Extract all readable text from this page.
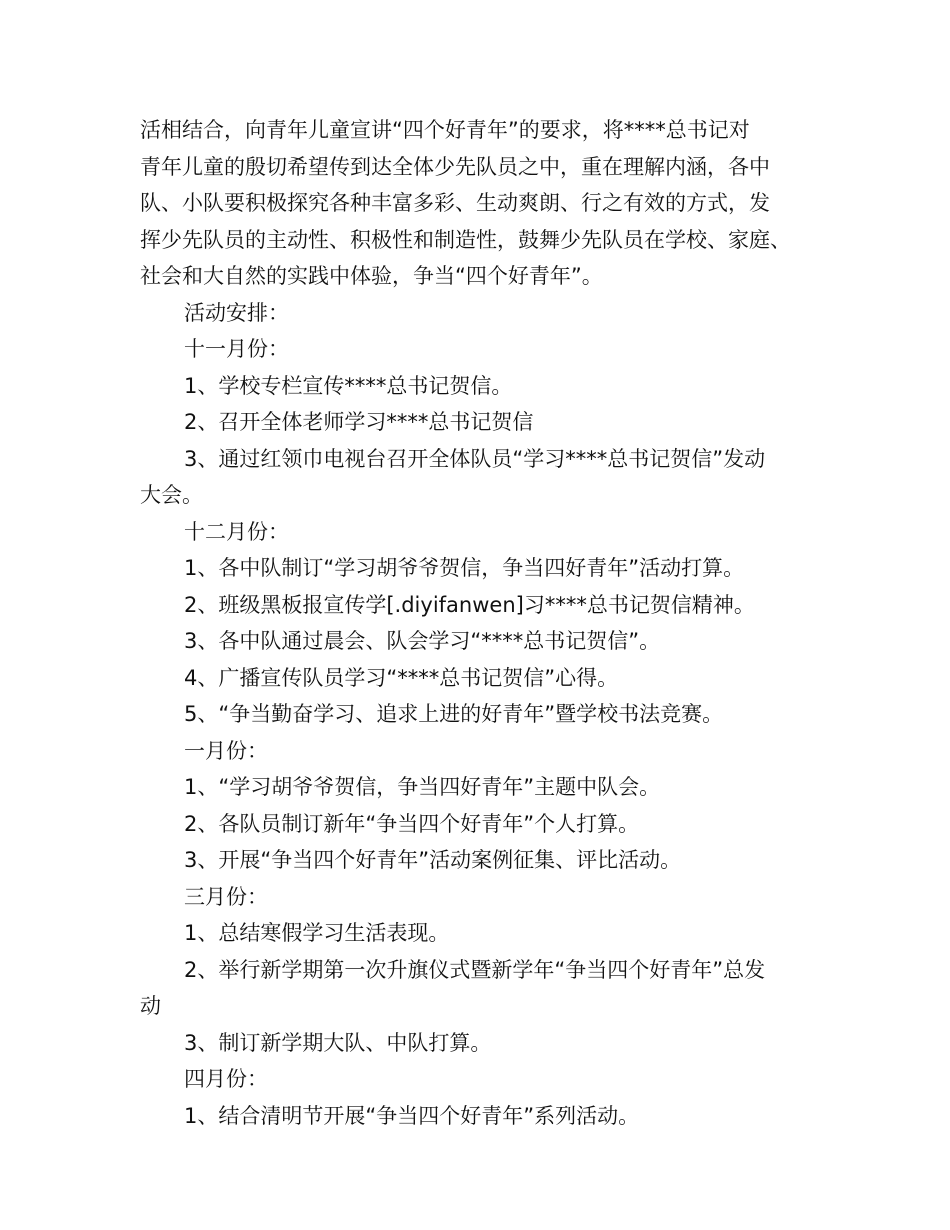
活相结合，向青年儿童宣讲“四个好青年”的要求，将****总书记对
青年儿童的殷切希望传到达全体少先队员之中，重在理解内涵，各中
队、小队要积极探究各种丰富多彩、生动爽朗、行之有效的方式，发
挥少先队员的主动性、积极性和制造性，鼓舞少先队员在学校、家庭、
社会和大自然的实践中体验，争当“四个好青年”。
活动安排：
十一月份：
1、学校专栏宣传****总书记贺信。
2、召开全体老师学习****总书记贺信
3、通过红领巾电视台召开全体队员“学习****总书记贺信”发动
大会。
十二月份：
1、各中队制订“学习胡爷爷贺信，争当四好青年”活动打算。
2、班级黑板报宣传学[.diyifanwen]习****总书记贺信精神。
3、各中队通过晨会、队会学习“****总书记贺信”。
4、广播宣传队员学习“****总书记贺信”心得。
5、“争当勤奋学习、追求上进的好青年”暨学校书法竞赛。
一月份：
1、“学习胡爷爷贺信，争当四好青年”主题中队会。
2、各队员制订新年“争当四个好青年”个人打算。
3、开展“争当四个好青年”活动案例征集、评比活动。
三月份：
1、总结寒假学习生活表现。
2、举行新学期第一次升旗仪式暨新学年“争当四个好青年”总发
动
3、制订新学期大队、中队打算。
四月份：
1、结合清明节开展“争当四个好青年”系列活动。
